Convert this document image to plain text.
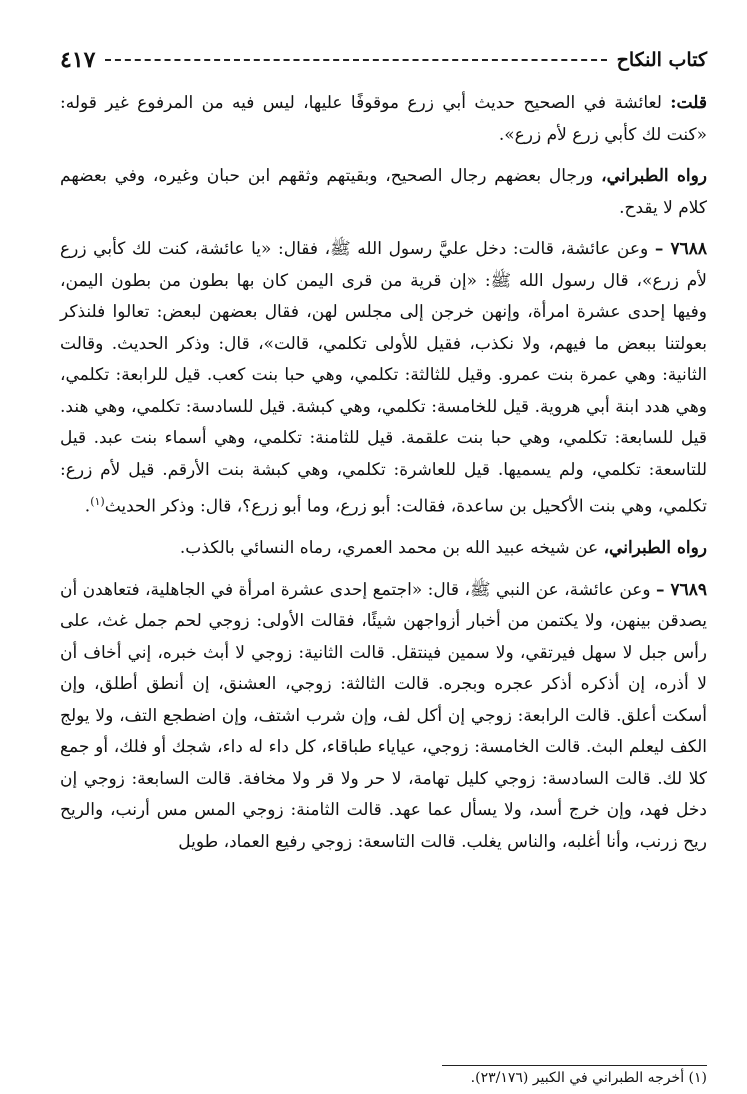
كتاب النكاح
٤١٧

قلت: لعائشة في الصحيح حديث أبي زرع موقوفًا عليها، ليس فيه من المرفوع غير قوله: «كنت لك كأبي زرع لأم زرع».

رواه الطبراني، ورجال بعضهم رجال الصحيح، وبقيتهم وثقهم ابن حبان وغيره، وفي بعضهم كلام لا يقدح.

٧٦٨٨ – وعن عائشة، قالت: دخل عليَّ رسول الله ﷺ، فقال: «يا عائشة، كنت لك كأبي زرع لأم زرع»، قال رسول الله ﷺ: «إن قرية من قرى اليمن كان بها بطون من بطون اليمن، وفيها إحدى عشرة امرأة، وإنهن خرجن إلى مجلس لهن، فقال بعضهن لبعض: تعالوا فلنذكر بعولتنا ببعض ما فيهم، ولا نكذب، فقيل للأولى تكلمي، قالت»، قال: وذكر الحديث. وقالت الثانية: وهي عمرة بنت عمرو. وقيل للثالثة: تكلمي، وهي حبا بنت كعب. قيل للرابعة: تكلمي، وهي هدد ابنة أبي هروية. قيل للخامسة: تكلمي، وهي كبشة. قيل للسادسة: تكلمي، وهي هند. قيل للسابعة: تكلمي، وهي حبا بنت علقمة. قيل للثامنة: تكلمي، وهي أسماء بنت عبد. قيل للتاسعة: تكلمي، ولم يسميها. قيل للعاشرة: تكلمي، وهي كبشة بنت الأرقم. قيل لأم زرع: تكلمي، وهي بنت الأكحيل بن ساعدة، فقالت: أبو زرع، وما أبو زرع؟، قال: وذكر الحديث$^{(١)}$.

رواه الطبراني، عن شيخه عبيد الله بن محمد العمري، رماه النسائي بالكذب.

٧٦٨٩ – وعن عائشة، عن النبي ﷺ، قال: «اجتمع إحدى عشرة امرأة في الجاهلية، فتعاهدن أن يصدقن بينهن، ولا يكتمن من أخبار أزواجهن شيئًا، فقالت الأولى: زوجي لحم جمل غث، على رأس جبل لا سهل فيرتقي، ولا سمين فينتقل. قالت الثانية: زوجي لا أبث خبره، إني أخاف أن لا أذره، إن أذكره أذكر عجره وبجره. قالت الثالثة: زوجي، العشنق، إن أنطق أطلق، وإن أسكت أعلق. قالت الرابعة: زوجي إن أكل لف، وإن شرب اشتف، وإن اضطجع التف، ولا يولج الكف ليعلم البث. قالت الخامسة: زوجي، عياياء طباقاء، كل داء له داء، شجك أو فلك، أو جمع كلا لك. قالت السادسة: زوجي كليل تهامة، لا حر ولا قر ولا مخافة. قالت السابعة: زوجي إن دخل فهد، وإن خرج أسد، ولا يسأل عما عهد. قالت الثامنة: زوجي المس مس أرنب، والريح ريح زرنب، وأنا أغلبه، والناس يغلب. قالت التاسعة: زوجي رفيع العماد، طويل

(١) أخرجه الطبراني في الكبير (٢٣/١٧٦).
